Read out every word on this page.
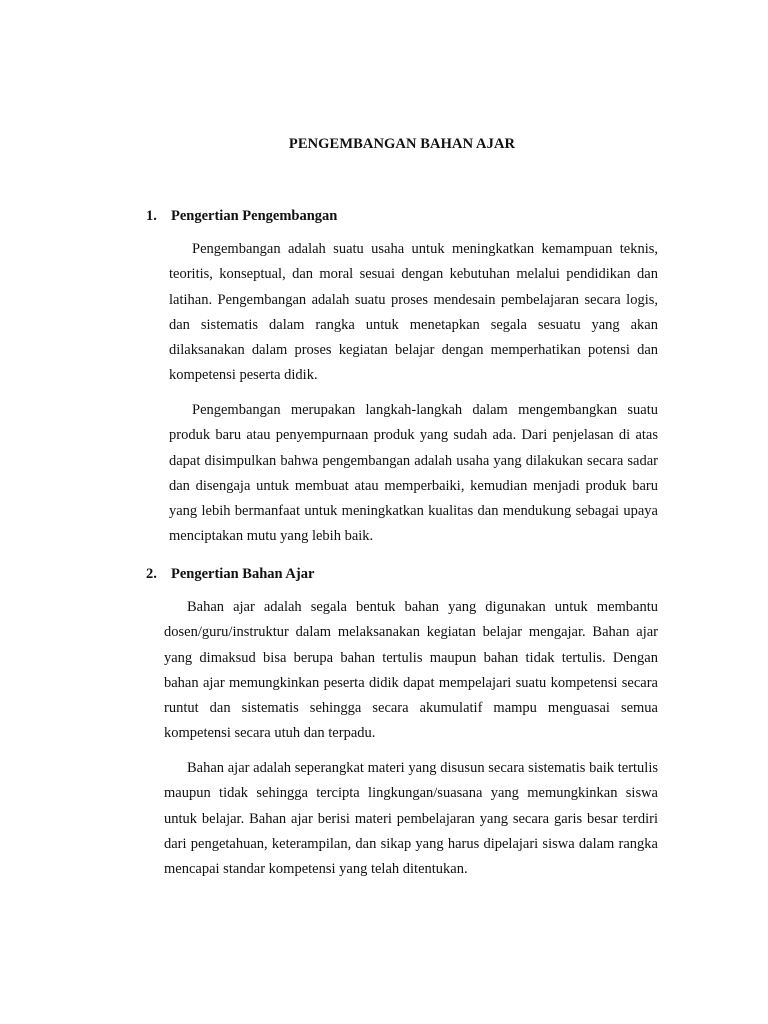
PENGEMBANGAN BAHAN AJAR
1. Pengertian Pengembangan

Pengembangan adalah suatu usaha untuk meningkatkan kemampuan teknis, teoritis, konseptual, dan moral sesuai dengan kebutuhan melalui pendidikan dan latihan. Pengembangan adalah suatu proses mendesain pembelajaran secara logis, dan sistematis dalam rangka untuk menetapkan segala sesuatu yang akan dilaksanakan dalam proses kegiatan belajar dengan memperhatikan potensi dan kompetensi peserta didik.

Pengembangan merupakan langkah-langkah dalam mengembangkan suatu produk baru atau penyempurnaan produk yang sudah ada. Dari penjelasan di atas dapat disimpulkan bahwa pengembangan adalah usaha yang dilakukan secara sadar dan disengaja untuk membuat atau memperbaiki, kemudian menjadi produk baru yang lebih bermanfaat untuk meningkatkan kualitas dan mendukung sebagai upaya menciptakan mutu yang lebih baik.

2. Pengertian Bahan Ajar

Bahan ajar adalah segala bentuk bahan yang digunakan untuk membantu dosen/guru/instruktur dalam melaksanakan kegiatan belajar mengajar. Bahan ajar yang dimaksud bisa berupa bahan tertulis maupun bahan tidak tertulis. Dengan bahan ajar memungkinkan peserta didik dapat mempelajari suatu kompetensi secara runtut dan sistematis sehingga secara akumulatif mampu menguasai semua kompetensi secara utuh dan terpadu.

Bahan ajar adalah seperangkat materi yang disusun secara sistematis baik tertulis maupun tidak sehingga tercipta lingkungan/suasana yang memungkinkan siswa untuk belajar. Bahan ajar berisi materi pembelajaran yang secara garis besar terdiri dari pengetahuan, keterampilan, dan sikap yang harus dipelajari siswa dalam rangka mencapai standar kompetensi yang telah ditentukan.
